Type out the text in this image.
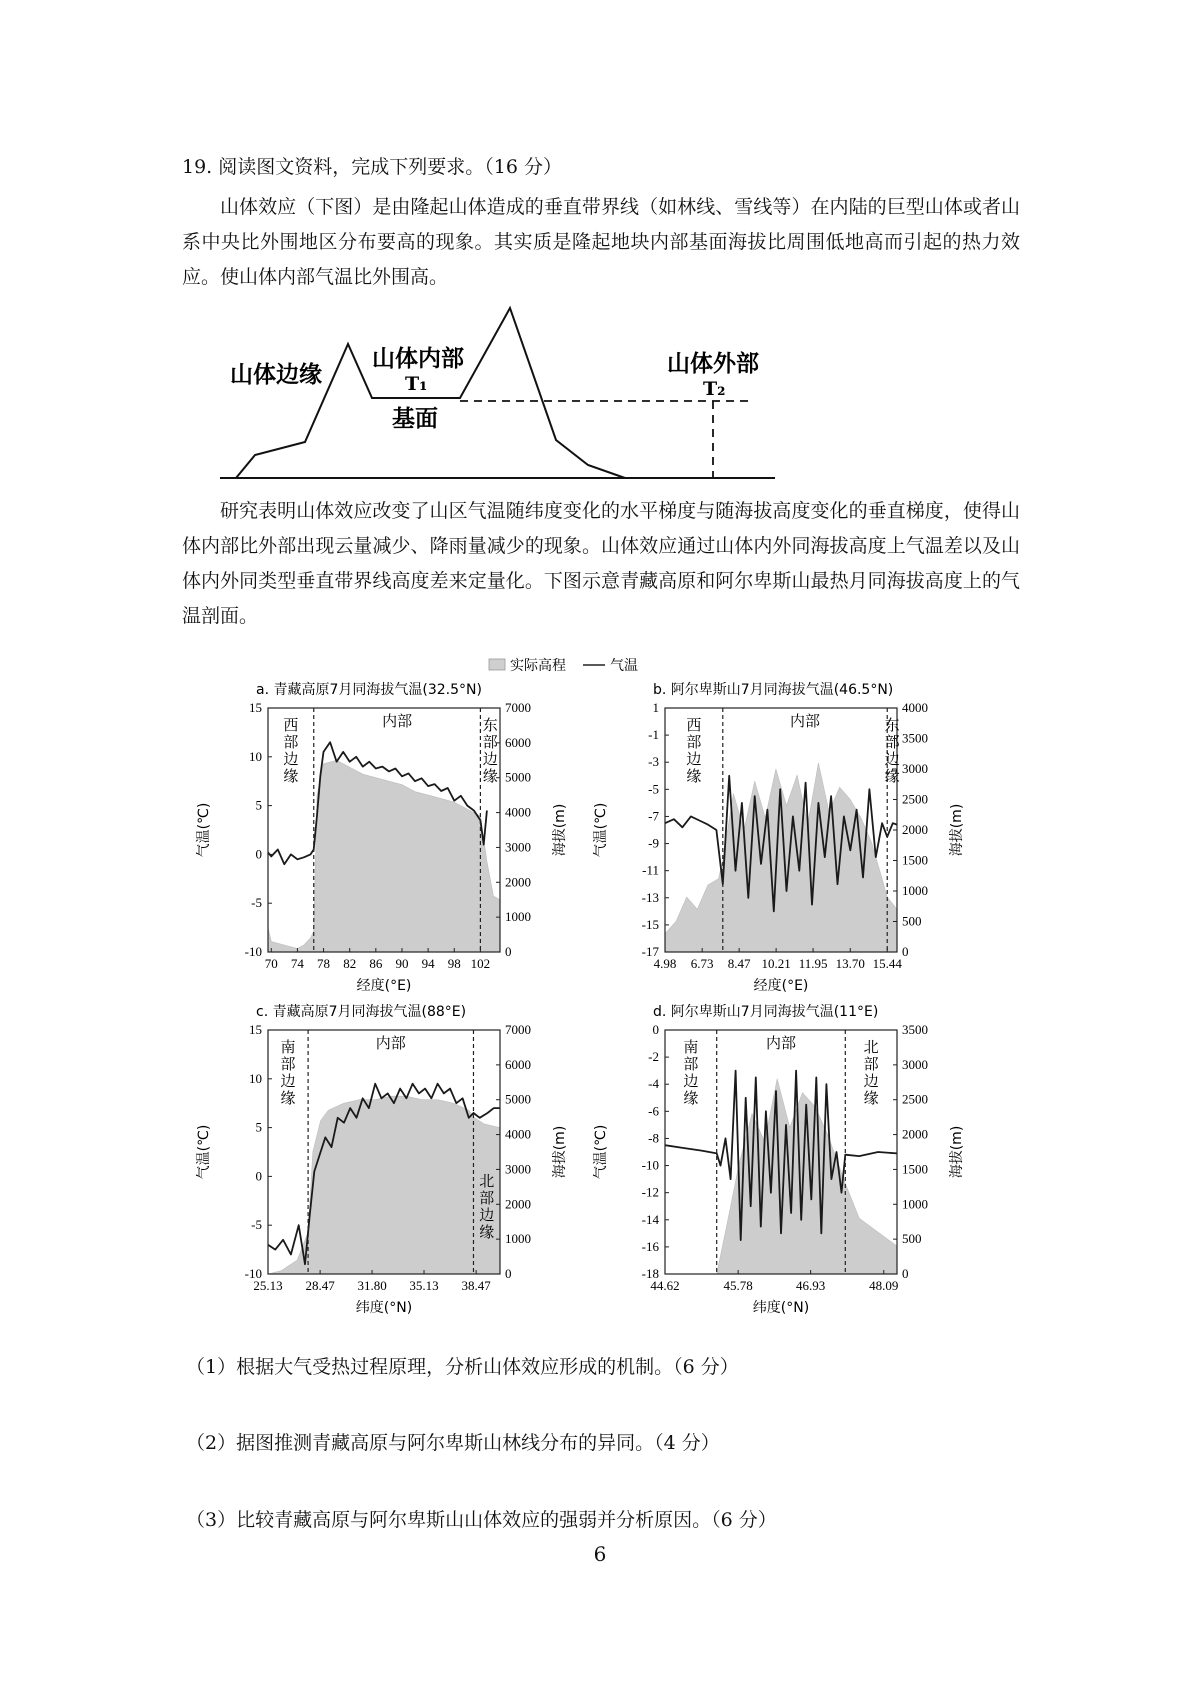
19. 阅读图文资料，完成下列要求。（16 分）
山体效应（下图）是由隆起山体造成的垂直带界线（如林线、雪线等）在内陆的巨型山体或者山系中央比外围地区分布要高的现象。其实质是隆起地块内部基面海拔比周围低地高而引起的热力效应。使山体内部气温比外围高。
研究表明山体效应改变了山区气温随纬度变化的水平梯度与随海拔高度变化的垂直梯度，使得山体内部比外部出现云量减少、降雨量减少的现象。山体效应通过山体内外同海拔高度上气温差以及山体内外同类型垂直带界线高度差来定量化。下图示意青藏高原和阿尔卑斯山最热月同海拔高度上的气温剖面。
山体边缘
山体内部
T₁
基面
山体外部
T₂
实际高程	气温
a. 青藏高原7月同海拔气温(32.5°N)
西
部
边
缘
内部	东
部
边
缘
15
10
5
0
-5
-10
7000
6000
5000
4000
3000
2000
1000
0
70 74 78 82 86 90 94 98 102
经度(°E)
气温(℃)	海拔(m)
b. 阿尔卑斯山7月同海拔气温(46.5°N)
西
部
边
缘
内部	东
部
边
缘
1
-1
-3
-5
-7
-9
-11
-13
-15
-17
4000
3500
3000
2500
2000
1500
1000
500
0
4.98 6.73 8.47 10.21 11.95 13.70 15.44
经度(°E)
气温(℃)	海拔(m)
c. 青藏高原7月同海拔气温(88°E)
南
部
边
缘
内部
北
部
边
缘
15
10
5
0
-5
-10
7000
6000
5000
4000
3000
2000
1000
0
25.13 28.47 31.80 35.13 38.47
纬度(°N)
气温(℃)	海拔(m)
d. 阿尔卑斯山7月同海拔气温(11°E)
南
部
边
缘
内部	北
部
边
缘
0
-2
-4
-6
-8
-10
-12
-14
-16
-18
3500
3000
2500
2000
1500
1000
500
0
44.62	45.78	46.93	48.09
纬度(°N)
气温(℃)	海拔(m)
（1）根据大气受热过程原理，分析山体效应形成的机制。（6 分）
（2）据图推测青藏高原与阿尔卑斯山林线分布的异同。（4 分）
（3）比较青藏高原与阿尔卑斯山山体效应的强弱并分析原因。（6 分）
6
